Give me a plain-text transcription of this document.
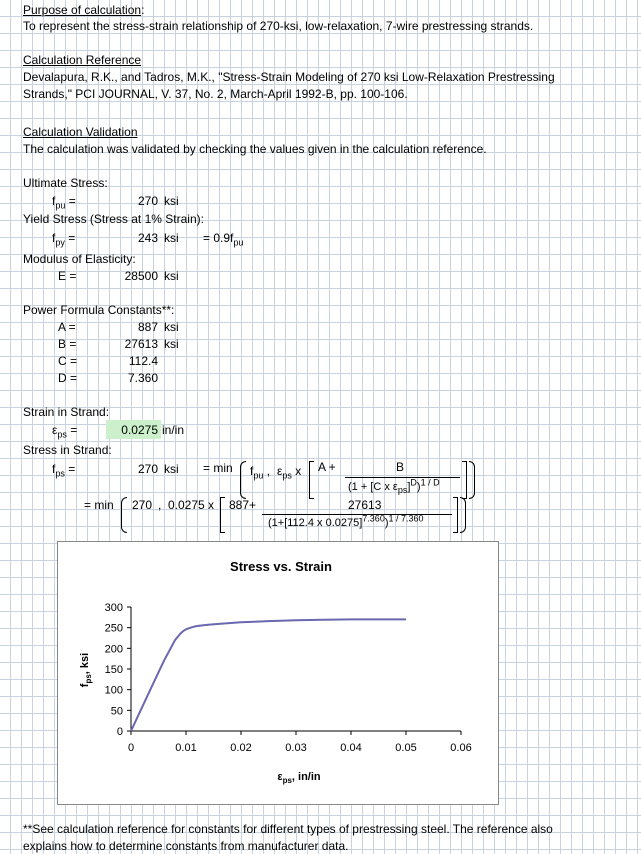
Purpose of calculation:
To represent the stress-strain relationship of 270-ksi, low-relaxation, 7-wire prestressing strands.
Calculation Reference
Devalapura, R.K., and Tadros, M.K., "Stress-Strain Modeling of 270 ksi Low-Relaxation Prestressing
Strands," PCI JOURNAL, V. 37, No. 2, March-April 1992-B, pp. 100-106.
Calculation Validation
The calculation was validated by checking the values given in the calculation reference.
Ultimate Stress:
$f_{pu}$ =	270 ksi
Yield Stress (Stress at 1% Strain):
$f_{py}$ =	243 ksi = $0.9f_{pu}$
Modulus of Elasticity:
E =	28500 ksi
Power Formula Constants**:
A =	887 ksi
B =	27613 ksi
C =	112.4
D =	7.360
Strain in Strand:
$\varepsilon_{ps}$ =	0.0275 in/in
Stress in Strand:
$f_{ps}$ =	270 ksi = $\min f_{pu}$ , $\varepsilon_{ps}$ x A +	B
(1 + [C x $\varepsilon_{ps}]^D)^{1 / D}$
= min 270 , 0.0275 x 887+	27613
(1+[112.4 x 0.0275]$^{7.360}$)$^{1 / 7.360}$
Stress vs. Strain
0
50
100
150
200
250
300
0	0.01	0.02	0.03	0.04	0.05	0.06
$\varepsilon_{ps}$, in/in
$f_{ps}$, ksi
**See calculation reference for constants for different types of prestressing steel. The reference also
explains how to determine constants from manufacturer data.
